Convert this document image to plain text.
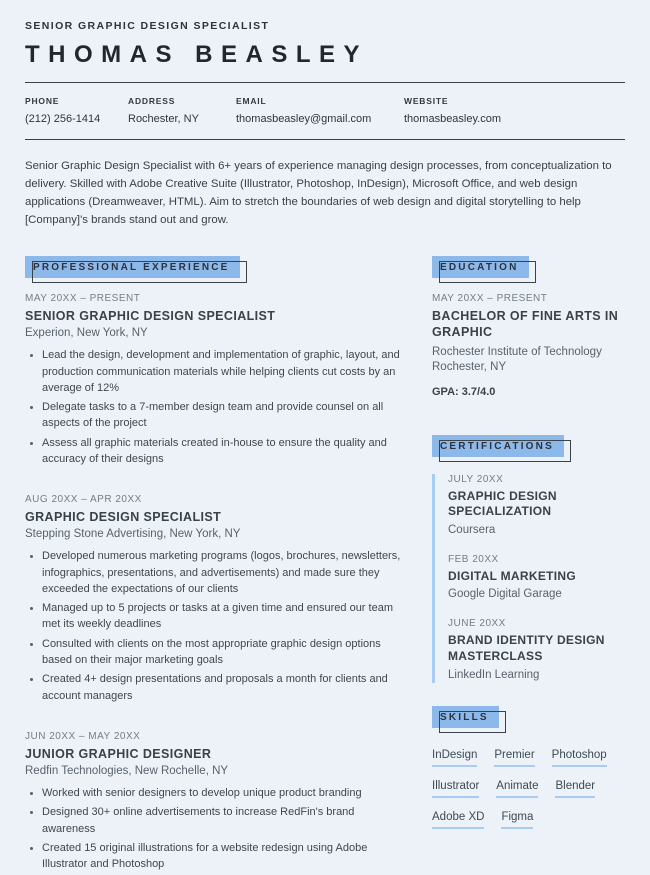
SENIOR GRAPHIC DESIGN SPECIALIST
THOMAS BEASLEY
PHONE
(212) 256-1414
ADDRESS
Rochester, NY
EMAIL
thomasbeasley@gmail.com
WEBSITE
thomasbeasley.com

Senior Graphic Design Specialist with 6+ years of experience managing design processes, from conceptualization to delivery. Skilled with Adobe Creative Suite (Illustrator, Photoshop, InDesign), Microsoft Office, and web design applications (Dreamweaver, HTML). Aim to stretch the boundaries of web design and digital storytelling to help [Company]'s brands stand out and grow.

PROFESSIONAL EXPERIENCE
MAY 20XX – PRESENT
SENIOR GRAPHIC DESIGN SPECIALIST
Experion, New York, NY
• Lead the design, development and implementation of graphic, layout, and production communication materials while helping clients cut costs by an average of 12%
• Delegate tasks to a 7-member design team and provide counsel on all aspects of the project
• Assess all graphic materials created in-house to ensure the quality and accuracy of their designs
AUG 20XX – APR 20XX
GRAPHIC DESIGN SPECIALIST
Stepping Stone Advertising, New York, NY
• Developed numerous marketing programs (logos, brochures, newsletters, infographics, presentations, and advertisements) and made sure they exceeded the expectations of our clients
• Managed up to 5 projects or tasks at a given time and ensured our team met its weekly deadlines
• Consulted with clients on the most appropriate graphic design options based on their major marketing goals
• Created 4+ design presentations and proposals a month for clients and account managers
JUN 20XX – MAY 20XX
JUNIOR GRAPHIC DESIGNER
Redfin Technologies, New Rochelle, NY
• Worked with senior designers to develop unique product branding
• Designed 30+ online advertisements to increase RedFin's brand awareness
• Created 15 original illustrations for a website redesign using Adobe Illustrator and Photoshop
EDUCATION
MAY 20XX – PRESENT
BACHELOR OF FINE ARTS IN GRAPHIC
Rochester Institute of Technology
Rochester, NY
GPA: 3.7/4.0
CERTIFICATIONS
JULY 20XX
GRAPHIC DESIGN SPECIALIZATION
Coursera
FEB 20XX
DIGITAL MARKETING
Google Digital Garage
JUNE 20XX
BRAND IDENTITY DESIGN MASTERCLASS
LinkedIn Learning
SKILLS
InDesign Premier Photoshop
Illustrator Animate Blender
Adobe XD Figma
